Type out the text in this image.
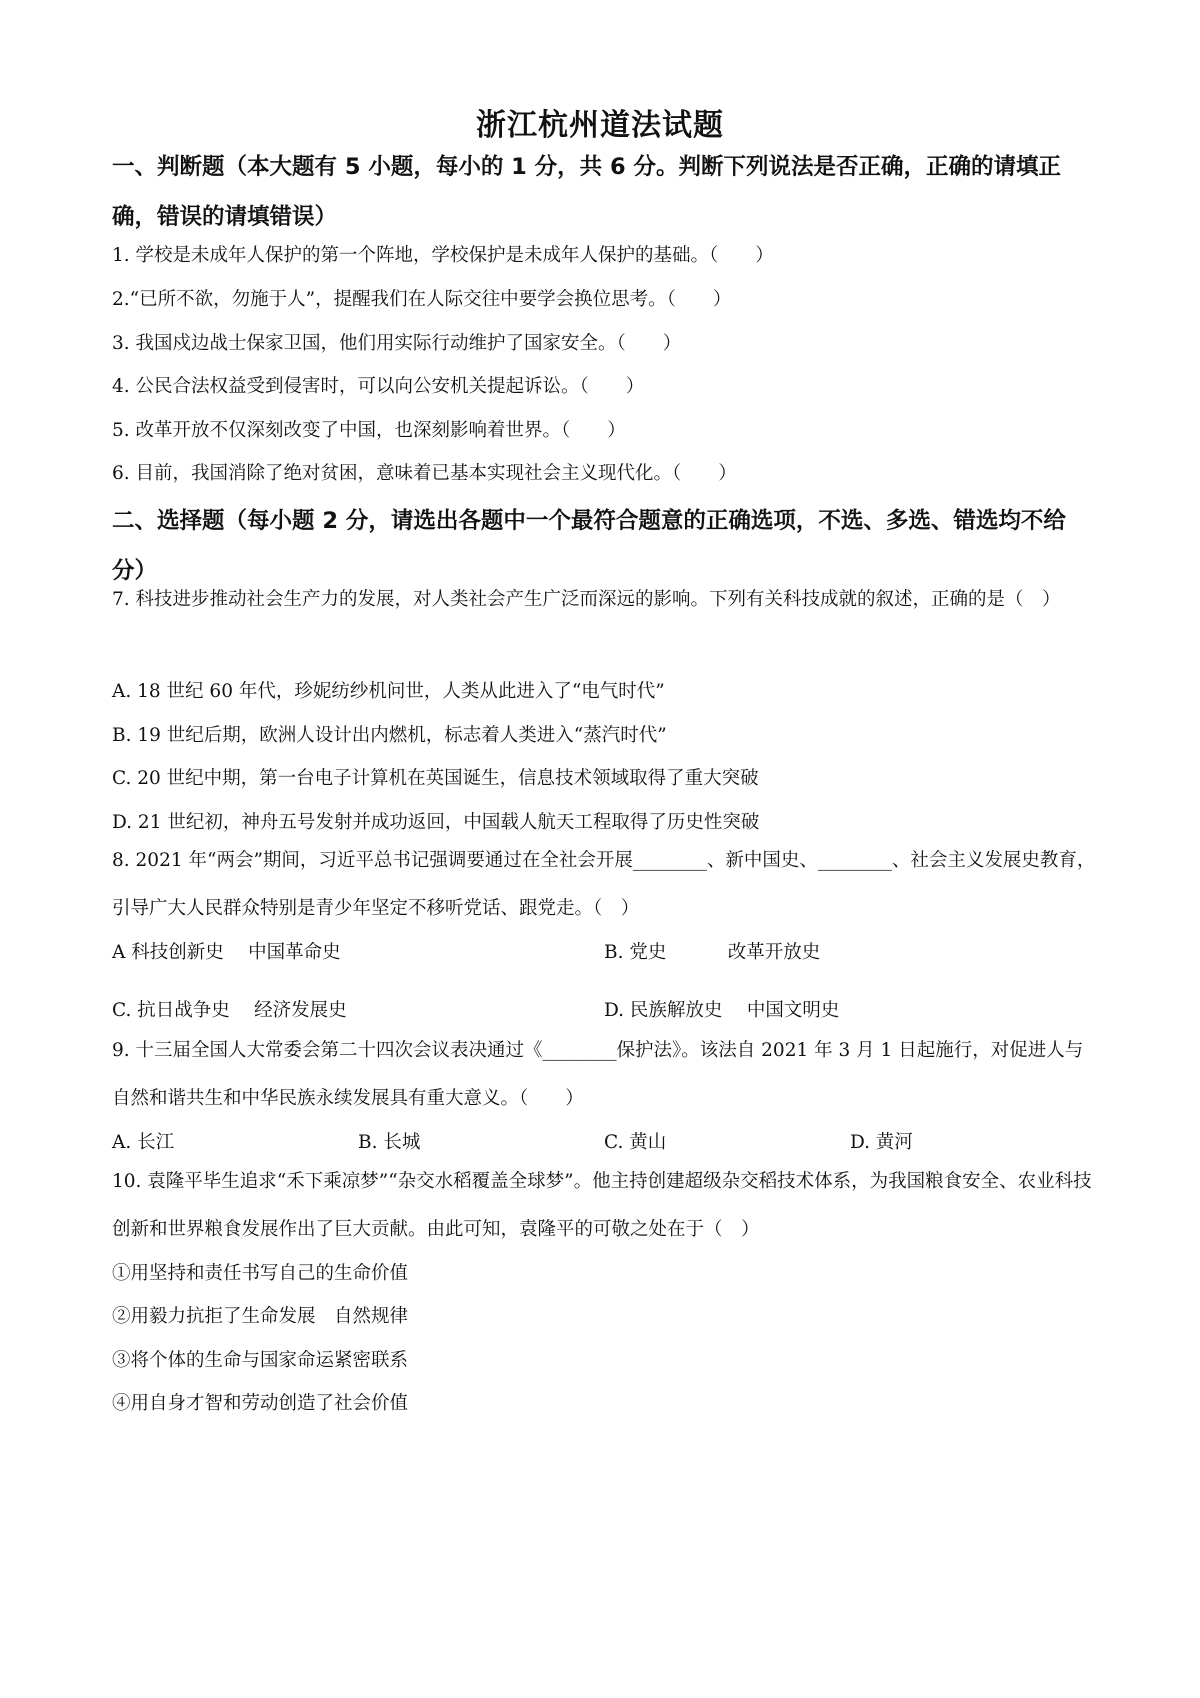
浙江杭州道法试题
一、判断题（本大题有 5 小题，每小的 1 分，共 6 分。判断下列说法是否正确，正确的请填正确，错误的请填错误）
1. 学校是未成年人保护的第一个阵地，学校保护是未成年人保护的基础。（　　）
2.“已所不欲，勿施于人”，提醒我们在人际交往中要学会换位思考。（　　）
3. 我国戍边战士保家卫国，他们用实际行动维护了国家安全。（　　）
4. 公民合法权益受到侵害时，可以向公安机关提起诉讼。（　　）
5. 改革开放不仅深刻改变了中国，也深刻影响着世界。（　　）
6. 目前，我国消除了绝对贫困，意味着已基本实现社会主义现代化。（　　）
二、选择题（每小题 2 分，请选出各题中一个最符合题意的正确选项，不选、多选、错选均不给分）
7. 科技进步推动社会生产力的发展，对人类社会产生广泛而深远的影响。下列有关科技成就的叙述，正确的是（　）
A. 18 世纪 60 年代，珍妮纺纱机问世，人类从此进入了“电气时代”
B. 19 世纪后期，欧洲人设计出内燃机，标志着人类进入“蒸汽时代”
C. 20 世纪中期，第一台电子计算机在英国诞生，信息技术领域取得了重大突破
D. 21 世纪初，神舟五号发射并成功返回，中国载人航天工程取得了历史性突破
8. 2021 年“两会”期间，习近平总书记强调要通过在全社会开展________、新中国史、________、社会主义发展史教育，引导广大人民群众特别是青少年坚定不移听党话、跟党走。（　）
A 科技创新史　 中国革命史	B. 党史　　　 改革开放史
C. 抗日战争史　 经济发展史	D. 民族解放史　 中国文明史
9. 十三届全国人大常委会第二十四次会议表决通过《________保护法》。该法自 2021 年 3 月 1 日起施行，对促进人与自然和谐共生和中华民族永续发展具有重大意义。（　　）
A. 长江	B. 长城	C. 黄山	D. 黄河
10. 袁隆平毕生追求“禾下乘凉梦”“杂交水稻覆盖全球梦”。他主持创建超级杂交稻技术体系，为我国粮食安全、农业科技创新和世界粮食发展作出了巨大贡献。由此可知，袁隆平的可敬之处在于（　）
①用坚持和责任书写自己的生命价值
②用毅力抗拒了生命发展　自然规律
③将个体的生命与国家命运紧密联系
④用自身才智和劳动创造了社会价值
